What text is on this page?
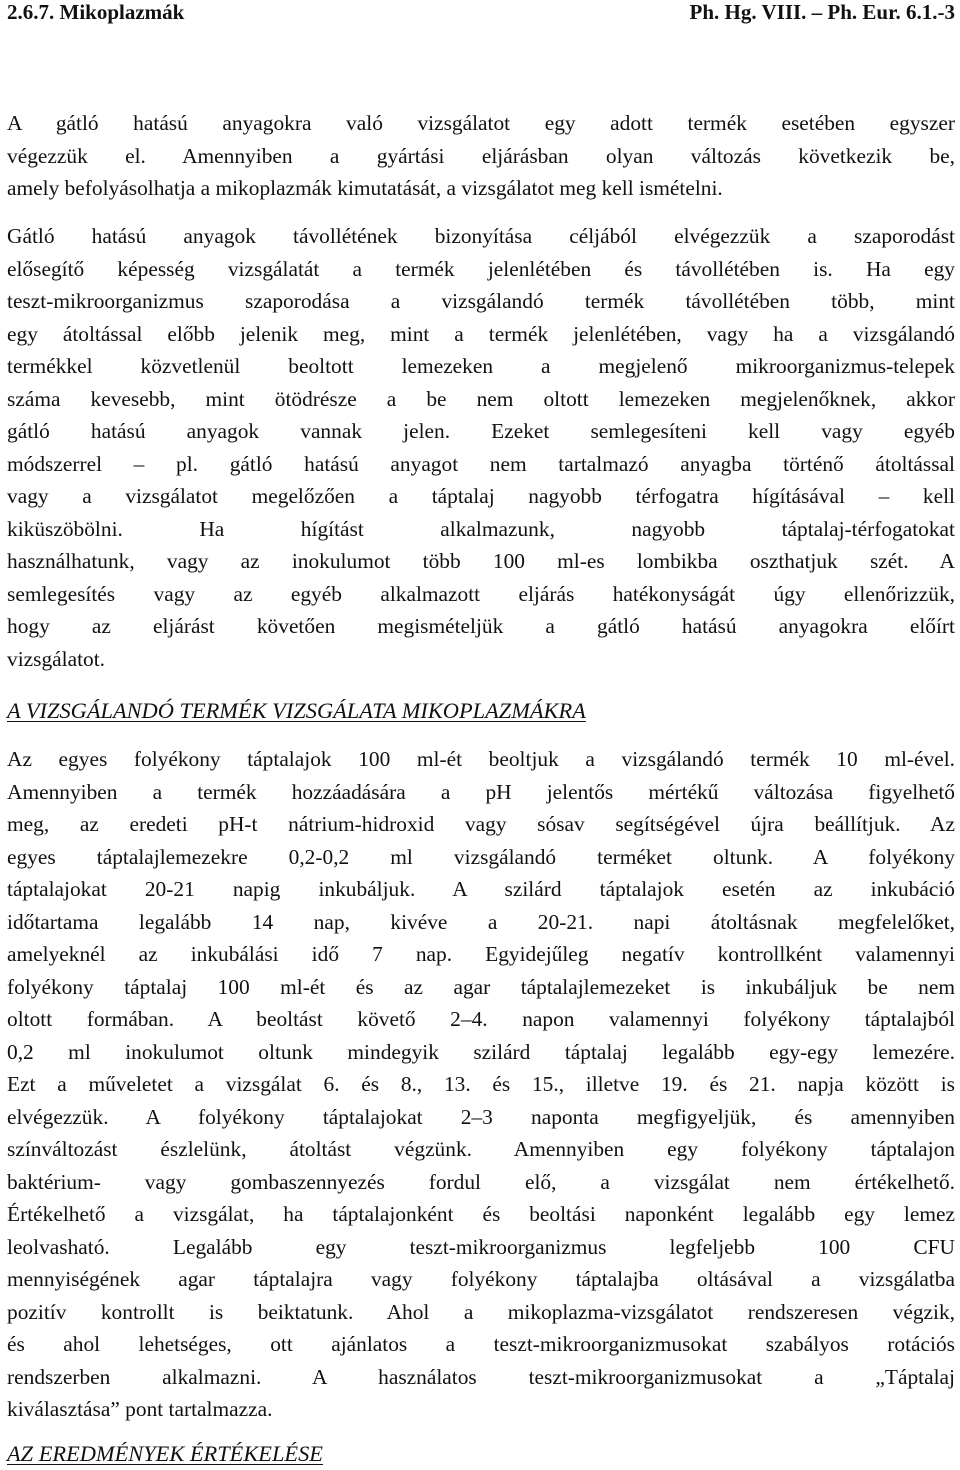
2.6.7. Mikoplazmák	Ph. Hg. VIII. – Ph. Eur. 6.1.-3
A gátló hatású anyagokra való vizsgálatot egy adott termék esetében egyszer
végezzük el. Amennyiben a gyártási eljárásban olyan változás következik be,
amely befolyásolhatja a mikoplazmák kimutatását, a vizsgálatot meg kell ismételni.
Gátló hatású anyagok távollétének bizonyítása céljából elvégezzük a szaporodást
elősegítő képesség vizsgálatát a termék jelenlétében és távollétében is. Ha egy
teszt-mikroorganizmus szaporodása a vizsgálandó termék távollétében több, mint
egy átoltással előbb jelenik meg, mint a termék jelenlétében, vagy ha a vizsgálandó
termékkel közvetlenül beoltott lemezeken a megjelenő mikroorganizmus-telepek
száma kevesebb, mint ötödrésze a be nem oltott lemezeken megjelenőknek, akkor
gátló hatású anyagok vannak jelen. Ezeket semlegesíteni kell vagy egyéb
módszerrel – pl. gátló hatású anyagot nem tartalmazó anyagba történő átoltással
vagy a vizsgálatot megelőzően a táptalaj nagyobb térfogatra hígításával – kell
kiküszöbölni. Ha hígítást alkalmazunk, nagyobb táptalaj-térfogatokat
használhatunk, vagy az inokulumot több 100 ml-es lombikba oszthatjuk szét. A
semlegesítés vagy az egyéb alkalmazott eljárás hatékonyságát úgy ellenőrizzük,
hogy az eljárást követően megismételjük a gátló hatású anyagokra előírt
vizsgálatot.
A VIZSGÁLANDÓ TERMÉK VIZSGÁLATA MIKOPLAZMÁKRA
Az egyes folyékony táptalajok 100 ml-ét beoltjuk a vizsgálandó termék 10 ml-ével.
Amennyiben a termék hozzáadására a pH jelentős mértékű változása figyelhető
meg, az eredeti pH-t nátrium-hidroxid vagy sósav segítségével újra beállítjuk. Az
egyes táptalajlemezekre 0,2-0,2 ml vizsgálandó terméket oltunk. A folyékony
táptalajokat 20-21 napig inkubáljuk. A szilárd táptalajok esetén az inkubáció
időtartama legalább 14 nap, kivéve a 20-21. napi átoltásnak megfelelőket,
amelyeknél az inkubálási idő 7 nap. Egyidejűleg negatív kontrollként valamennyi
folyékony táptalaj 100 ml-ét és az agar táptalajlemezeket is inkubáljuk be nem
oltott formában. A beoltást követő 2–4. napon valamennyi folyékony táptalajból
0,2 ml inokulumot oltunk mindegyik szilárd táptalaj legalább egy-egy lemezére.
Ezt a műveletet a vizsgálat 6. és 8., 13. és 15., illetve 19. és 21. napja között is
elvégezzük. A folyékony táptalajokat 2–3 naponta megfigyeljük, és amennyiben
színváltozást észlelünk, átoltást végzünk. Amennyiben egy folyékony táptalajon
baktérium- vagy gombaszennyezés fordul elő, a vizsgálat nem értékelhető.
Értékelhető a vizsgálat, ha táptalajonként és beoltási naponként legalább egy lemez
leolvasható. Legalább egy teszt-mikroorganizmus legfeljebb 100 CFU
mennyiségének agar táptalajra vagy folyékony táptalajba oltásával a vizsgálatba
pozitív kontrollt is beiktatunk. Ahol a mikoplazma-vizsgálatot rendszeresen végzik,
és ahol lehetséges, ott ajánlatos a teszt-mikroorganizmusokat szabályos rotációs
rendszerben alkalmazni. A használatos teszt-mikroorganizmusokat a „Táptalaj
kiválasztása” pont tartalmazza.
AZ EREDMÉNYEK ÉRTÉKELÉSE
